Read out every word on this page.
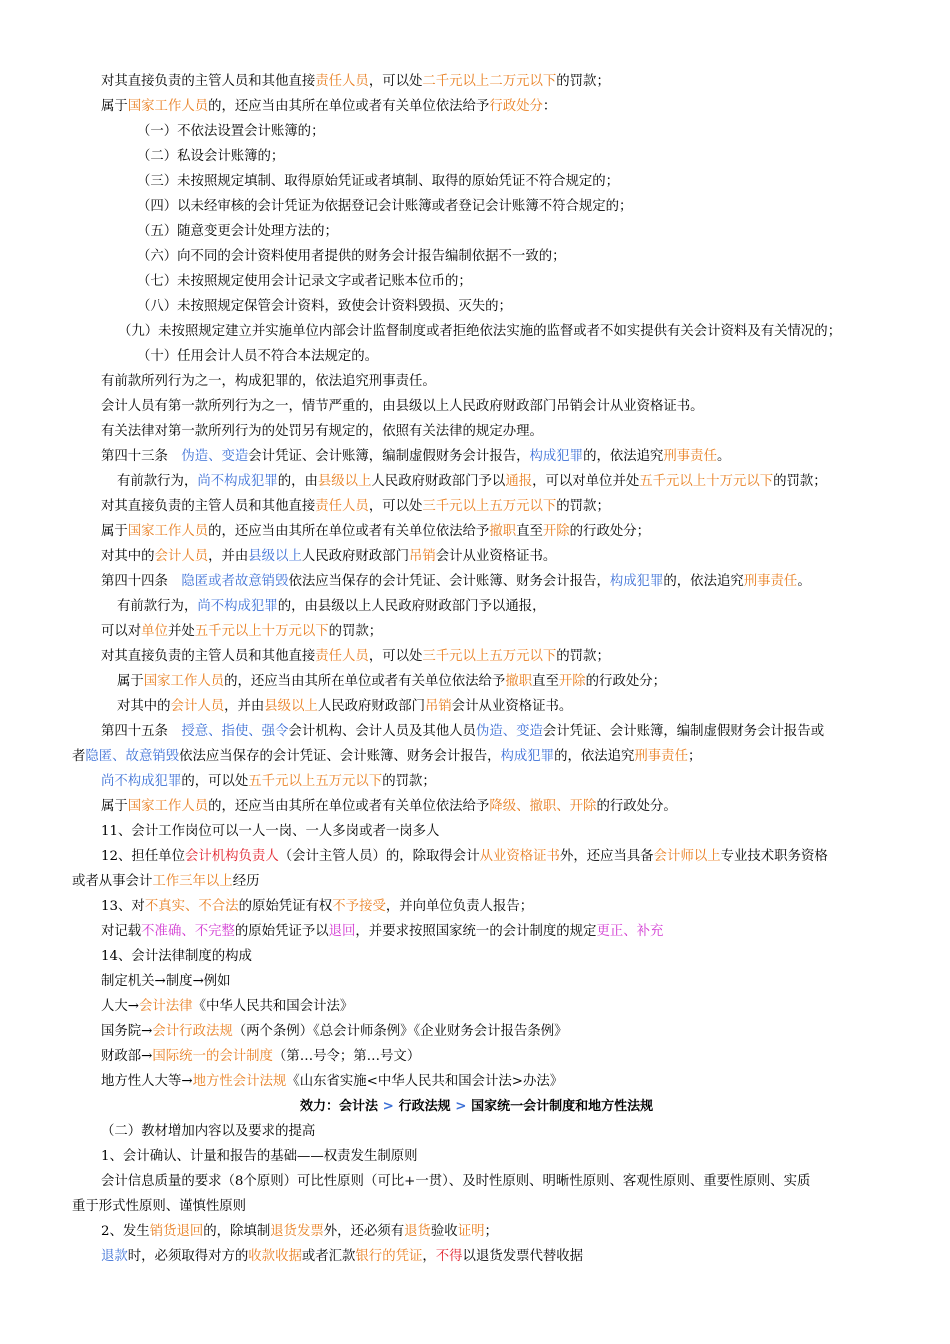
对其直接负责的主管人员和其他直接责任人员，可以处二千元以上二万元以下的罚款；
属于国家工作人员的，还应当由其所在单位或者有关单位依法给予行政处分：
（一）不依法设置会计账簿的；
（二）私设会计账簿的；
（三）未按照规定填制、取得原始凭证或者填制、取得的原始凭证不符合规定的；
（四）以未经审核的会计凭证为依据登记会计账簿或者登记会计账簿不符合规定的；
（五）随意变更会计处理方法的；
（六）向不同的会计资料使用者提供的财务会计报告编制依据不一致的；
（七）未按照规定使用会计记录文字或者记账本位币的；
（八）未按照规定保管会计资料，致使会计资料毁损、灭失的；
（九）未按照规定建立并实施单位内部会计监督制度或者拒绝依法实施的监督或者不如实提供有关会计资料及有关情况的；
（十）任用会计人员不符合本法规定的。
有前款所列行为之一，构成犯罪的，依法追究刑事责任。
会计人员有第一款所列行为之一，情节严重的，由县级以上人民政府财政部门吊销会计从业资格证书。
有关法律对第一款所列行为的处罚另有规定的，依照有关法律的规定办理。
第四十三条　伪造、变造会计凭证、会计账簿，编制虚假财务会计报告，构成犯罪的，依法追究刑事责任。
有前款行为，尚不构成犯罪的，由县级以上人民政府财政部门予以通报，可以对单位并处五千元以上十万元以下的罚款；
对其直接负责的主管人员和其他直接责任人员，可以处三千元以上五万元以下的罚款；
属于国家工作人员的，还应当由其所在单位或者有关单位依法给予撤职直至开除的行政处分；
对其中的会计人员，并由县级以上人民政府财政部门吊销会计从业资格证书。
第四十四条　隐匿或者故意销毁依法应当保存的会计凭证、会计账簿、财务会计报告，构成犯罪的，依法追究刑事责任。
有前款行为，尚不构成犯罪的，由县级以上人民政府财政部门予以通报，
可以对单位并处五千元以上十万元以下的罚款；
对其直接负责的主管人员和其他直接责任人员，可以处三千元以上五万元以下的罚款；
属于国家工作人员的，还应当由其所在单位或者有关单位依法给予撤职直至开除的行政处分；
对其中的会计人员，并由县级以上人民政府财政部门吊销会计从业资格证书。
第四十五条　授意、指使、强令会计机构、会计人员及其他人员伪造、变造会计凭证、会计账簿，编制虚假财务会计报告或
者隐匿、故意销毁依法应当保存的会计凭证、会计账簿、财务会计报告，构成犯罪的，依法追究刑事责任；
尚不构成犯罪的，可以处五千元以上五万元以下的罚款；
属于国家工作人员的，还应当由其所在单位或者有关单位依法给予降级、撤职、开除的行政处分。
11、会计工作岗位可以一人一岗、一人多岗或者一岗多人
12、担任单位会计机构负责人（会计主管人员）的，除取得会计从业资格证书外，还应当具备会计师以上专业技术职务资格
或者从事会计工作三年以上经历
13、对不真实、不合法的原始凭证有权不予接受，并向单位负责人报告；
对记载不准确、不完整的原始凭证予以退回，并要求按照国家统一的会计制度的规定更正、补充
14、会计法律制度的构成
制定机关→制度→例如
人大→会计法律《中华人民共和国会计法》
国务院→会计行政法规（两个条例）《总会计师条例》《企业财务会计报告条例》
财政部→国际统一的会计制度（第…号令；第…号文）
地方性人大等→地方性会计法规《山东省实施<中华人民共和国会计法>办法》
效力：会计法 > 行政法规 > 国家统一会计制度和地方性法规
（二）教材增加内容以及要求的提高
1、会计确认、计量和报告的基础——权责发生制原则
会计信息质量的要求（8个原则）可比性原则（可比+一贯）、及时性原则、明晰性原则、客观性原则、重要性原则、实质
重于形式性原则、谨慎性原则
2、发生销货退回的，除填制退货发票外，还必须有退货验收证明；
退款时，必须取得对方的收款收据或者汇款银行的凭证，不得以退货发票代替收据
